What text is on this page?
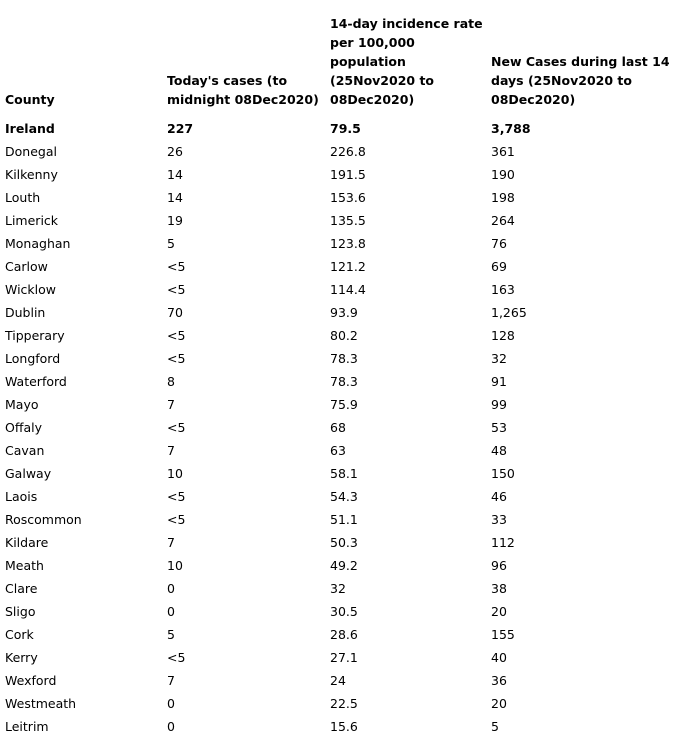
County	Today's cases (to midnight 08Dec2020)	14-day incidence rate per 100,000 population (25Nov2020 to 08Dec2020)	New Cases during last 14 days (25Nov2020 to 08Dec2020)

Ireland	227	79.5	3,788
Donegal	26	226.8	361
Kilkenny	14	191.5	190
Louth	14	153.6	198
Limerick	19	135.5	264
Monaghan	5	123.8	76
Carlow	<5	121.2	69
Wicklow	<5	114.4	163
Dublin	70	93.9	1,265
Tipperary	<5	80.2	128
Longford	<5	78.3	32
Waterford	8	78.3	91
Mayo	7	75.9	99
Offaly	<5	68	53
Cavan	7	63	48
Galway	10	58.1	150
Laois	<5	54.3	46
Roscommon	<5	51.1	33
Kildare	7	50.3	112
Meath	10	49.2	96
Clare	0	32	38
Sligo	0	30.5	20
Cork	5	28.6	155
Kerry	<5	27.1	40
Wexford	7	24	36
Westmeath	0	22.5	20
Leitrim	0	15.6	5
